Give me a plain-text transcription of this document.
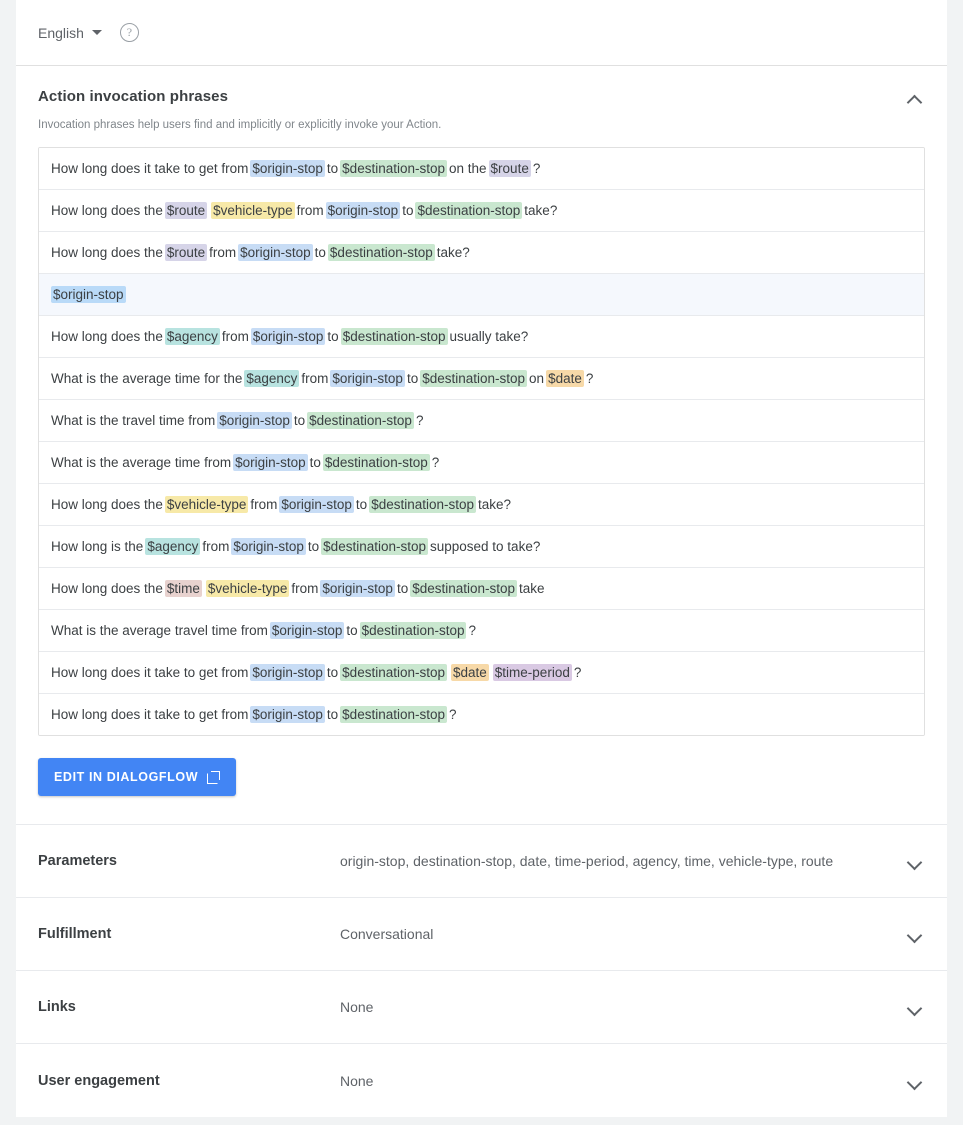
English	?
Action invocation phrases
Invocation phrases help users find and implicitly or explicitly invoke your Action.
How long does it take to get from $origin-stop to $destination-stop on the $route ?
How long does the $route $vehicle-type from $origin-stop to $destination-stop take?
How long does the $route from $origin-stop to $destination-stop take?
$origin-stop
How long does the $agency from $origin-stop to $destination-stop usually take?
What is the average time for the $agency from $origin-stop to $destination-stop on $date ?
What is the travel time from $origin-stop to $destination-stop ?
What is the average time from $origin-stop to $destination-stop ?
How long does the $vehicle-type from $origin-stop to $destination-stop take?
How long is the $agency from $origin-stop to $destination-stop supposed to take?
How long does the $time $vehicle-type from $origin-stop to $destination-stop take
What is the average travel time from $origin-stop to $destination-stop ?
How long does it take to get from $origin-stop to $destination-stop $date $time-period ?
How long does it take to get from $origin-stop to $destination-stop ?
EDIT IN DIALOGFLOW
Parameters	origin-stop, destination-stop, date, time-period, agency, time, vehicle-type, route
Fulfillment	Conversational
Links	None
User engagement	None
